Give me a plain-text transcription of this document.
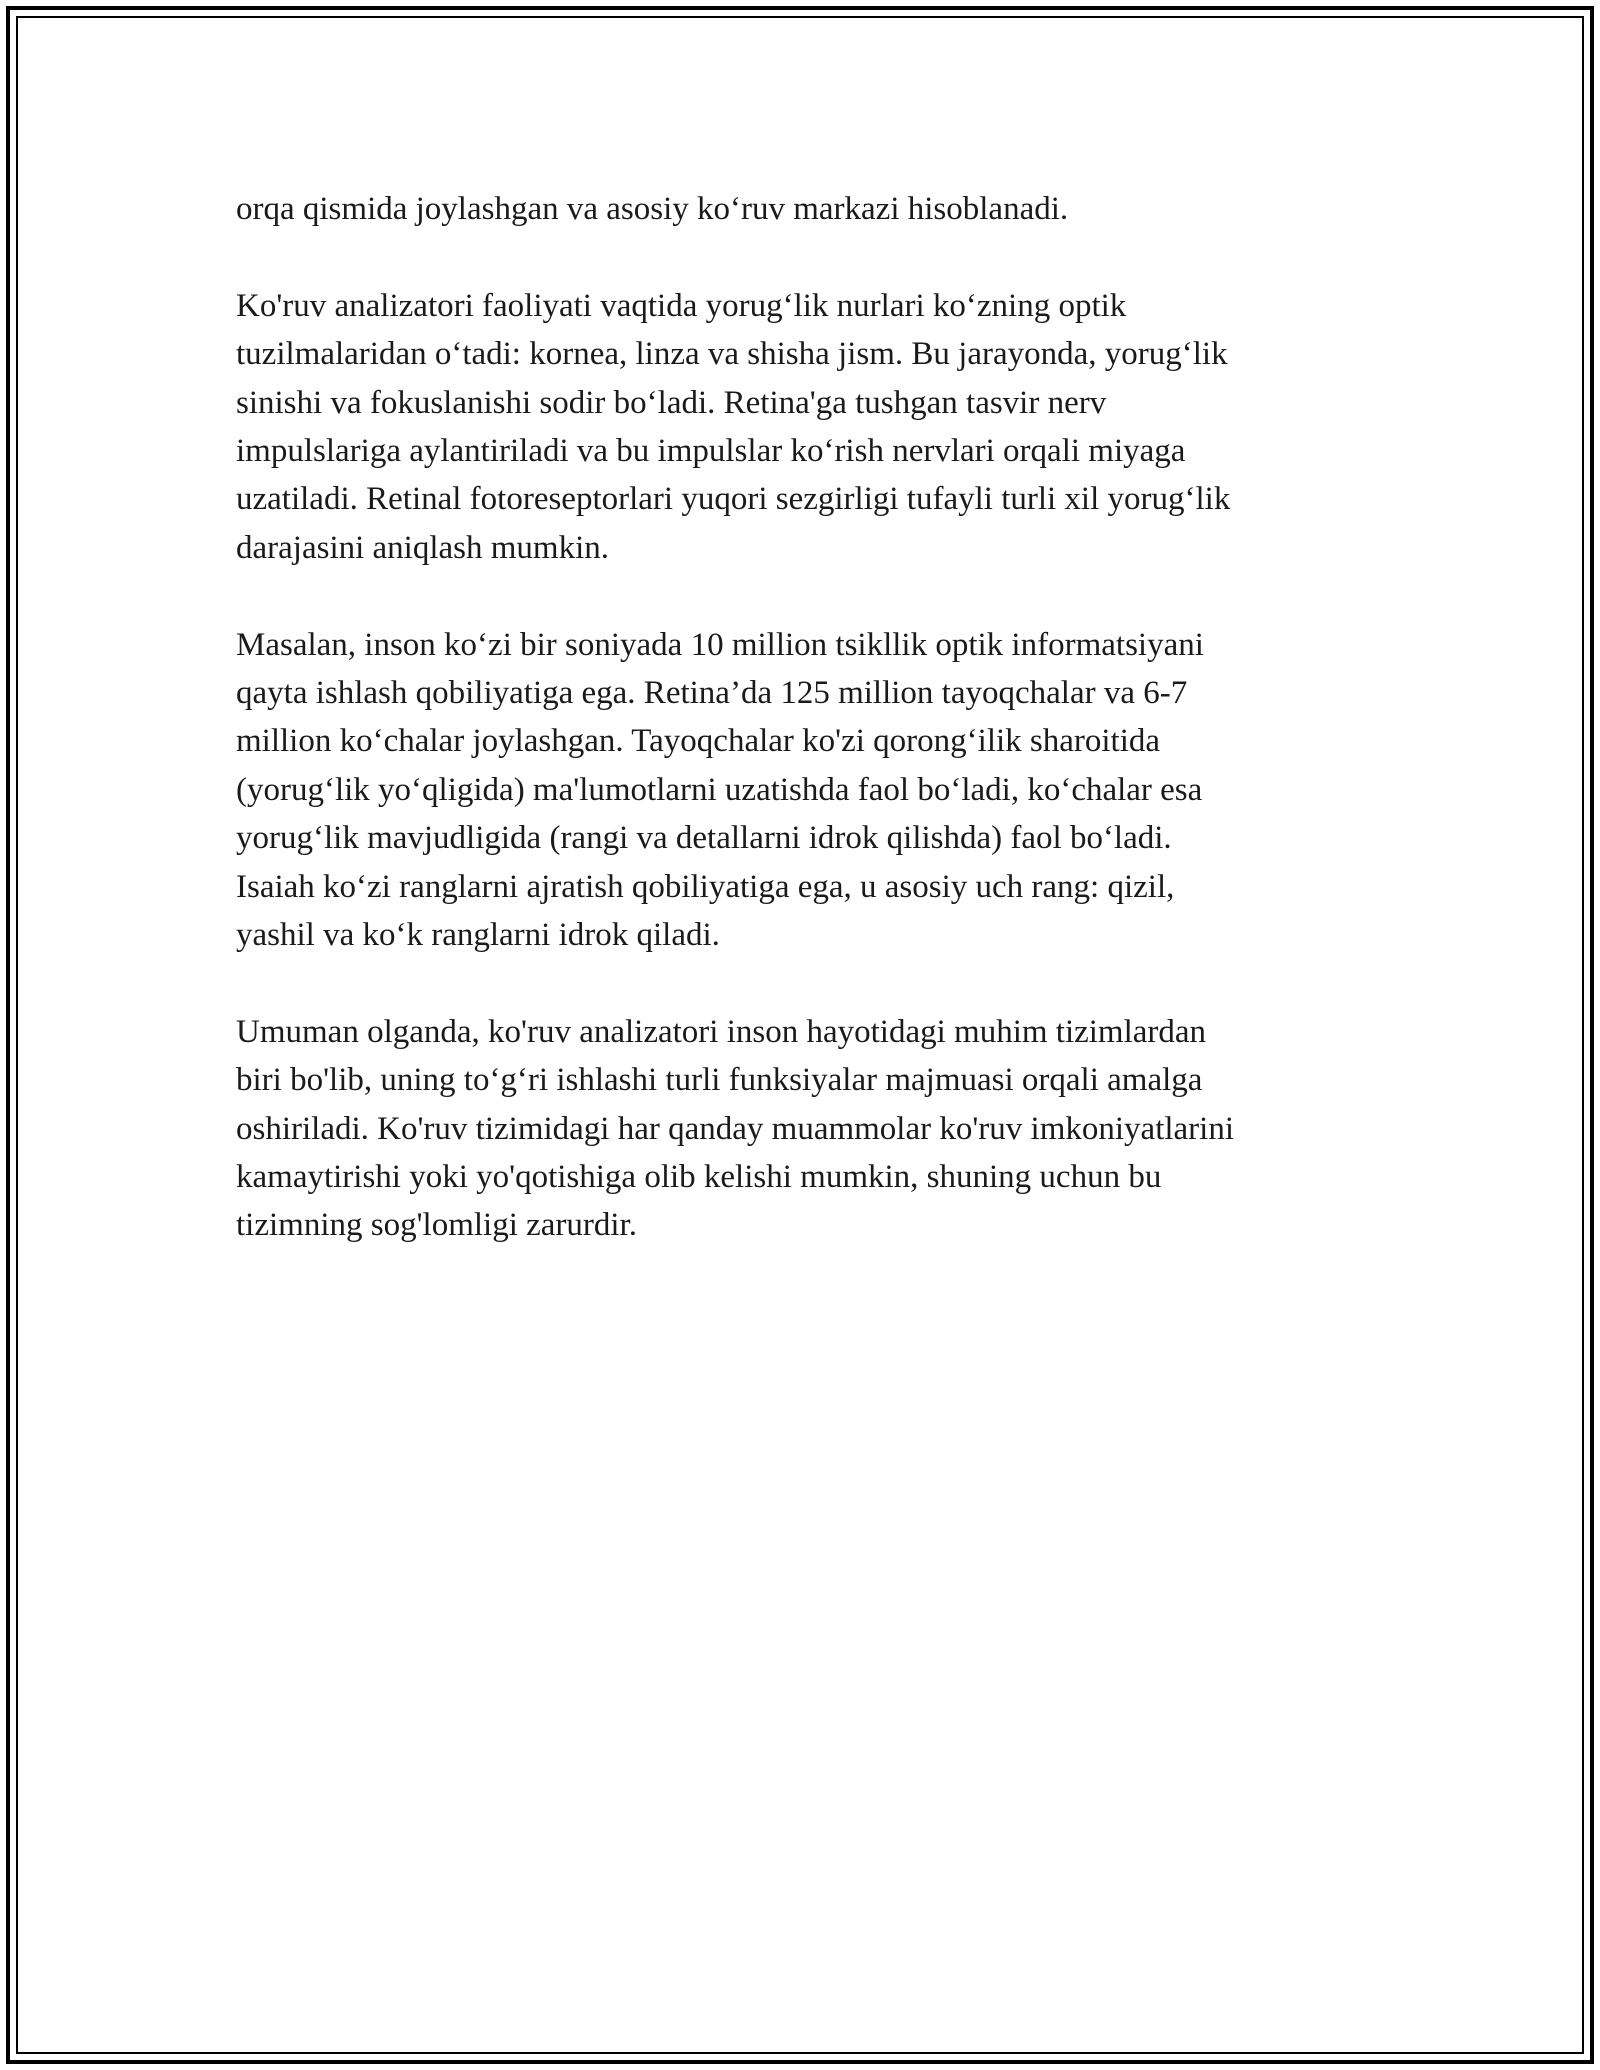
orqa qismida joylashgan va asosiy ko‘ruv markazi hisoblanadi.

Ko'ruv analizatori faoliyati vaqtida yorug‘lik nurlari ko‘zning optik
tuzilmalaridan o‘tadi: kornea, linza va shisha jism. Bu jarayonda, yorug‘lik
sinishi va fokuslanishi sodir bo‘ladi. Retina'ga tushgan tasvir nerv
impulslariga aylantiriladi va bu impulslar ko‘rish nervlari orqali miyaga
uzatiladi. Retinal fotoreseptorlari yuqori sezgirligi tufayli turli xil yorug‘lik
darajasini aniqlash mumkin.

Masalan, inson ko‘zi bir soniyada 10 million tsikllik optik informatsiyani
qayta ishlash qobiliyatiga ega. Retina’da 125 million tayoqchalar va 6-7
million ko‘chalar joylashgan. Tayoqchalar ko'zi qorong‘ilik sharoitida
(yorug‘lik yo‘qligida) ma'lumotlarni uzatishda faol bo‘ladi, ko‘chalar esa
yorug‘lik mavjudligida (rangi va detallarni idrok qilishda) faol bo‘ladi.
Isaiah ko‘zi ranglarni ajratish qobiliyatiga ega, u asosiy uch rang: qizil,
yashil va ko‘k ranglarni idrok qiladi.

Umuman olganda, ko'ruv analizatori inson hayotidagi muhim tizimlardan
biri bo'lib, uning to‘g‘ri ishlashi turli funksiyalar majmuasi orqali amalga
oshiriladi. Ko'ruv tizimidagi har qanday muammolar ko'ruv imkoniyatlarini
kamaytirishi yoki yo'qotishiga olib kelishi mumkin, shuning uchun bu
tizimning sog'lomligi zarurdir.
